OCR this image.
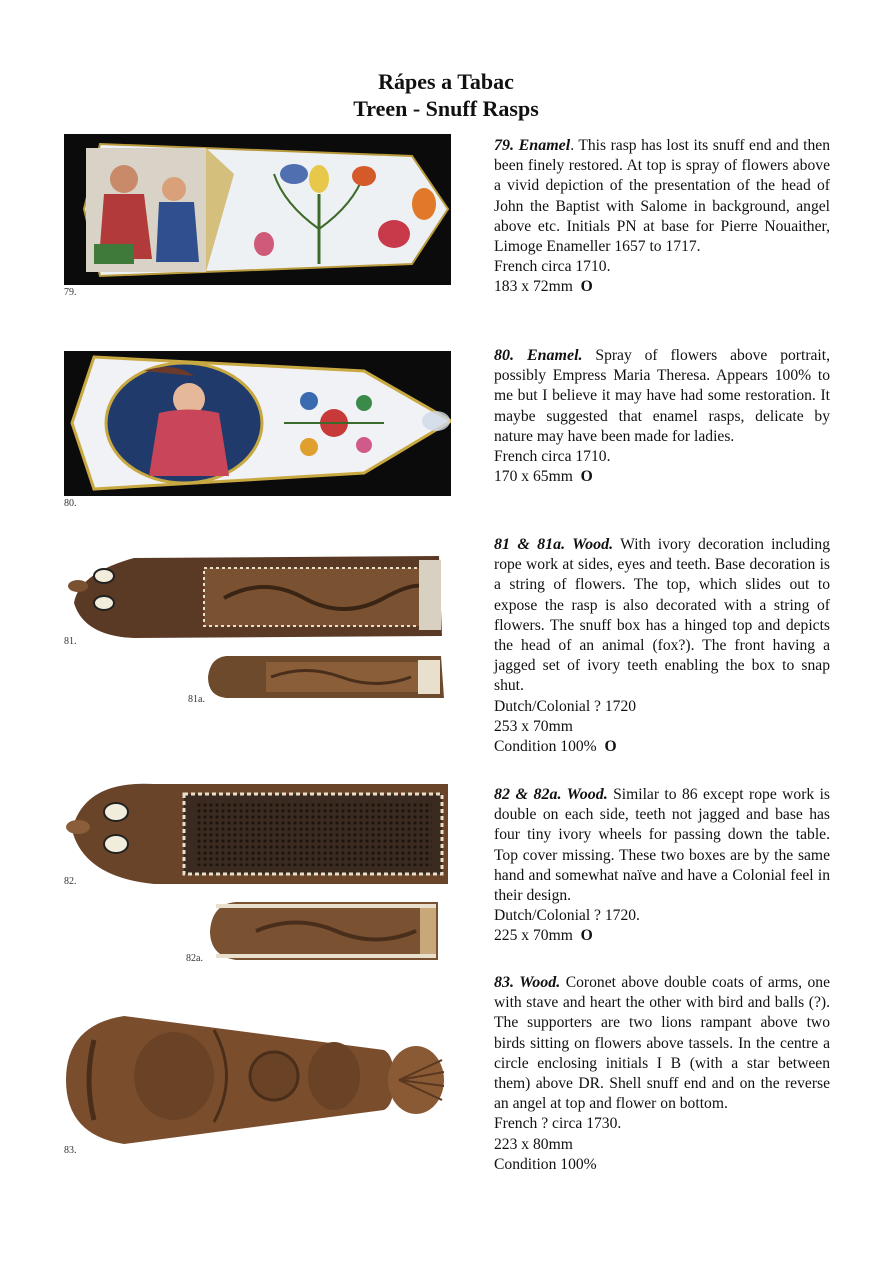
Rápes a Tabac
Treen - Snuff Rasps
79.
80.
81.
81a.
82.
82a.
83.
79. Enamel. This rasp has lost its snuff end and then been finely restored. At top is spray of flowers above a vivid depiction of the presentation of the head of John the Baptist with Salome in background, angel above etc. Initials PN at base for Pierre Nouaither, Limoge Enameller 1657 to 1717.
French circa 1710.
183 x 72mm O
80. Enamel. Spray of flowers above portrait, possibly Empress Maria Theresa. Appears 100% to me but I believe it may have had some restoration. It maybe suggested that enamel rasps, delicate by nature may have been made for ladies.
French circa 1710.
170 x 65mm O
81 & 81a. Wood. With ivory decoration including rope work at sides, eyes and teeth. Base decoration is a string of flowers. The top, which slides out to expose the rasp is also decorated with a string of flowers. The snuff box has a hinged top and depicts the head of an animal (fox?). The front having a jagged set of ivory teeth enabling the box to snap shut.
Dutch/Colonial ? 1720
253 x 70mm
Condition 100% O
82 & 82a. Wood. Similar to 86 except rope work is double on each side, teeth not jagged and base has four tiny ivory wheels for passing down the table. Top cover missing. These two boxes are by the same hand and somewhat naïve and have a Colonial feel in their design.
Dutch/Colonial ? 1720.
225 x 70mm O
83. Wood. Coronet above double coats of arms, one with stave and heart the other with bird and balls (?). The supporters are two lions rampant above two birds sitting on flowers above tassels. In the centre a circle enclosing initials I B (with a star between them) above DR. Shell snuff end and on the reverse an angel at top and flower on bottom.
French ? circa 1730.
223 x 80mm
Condition 100%
